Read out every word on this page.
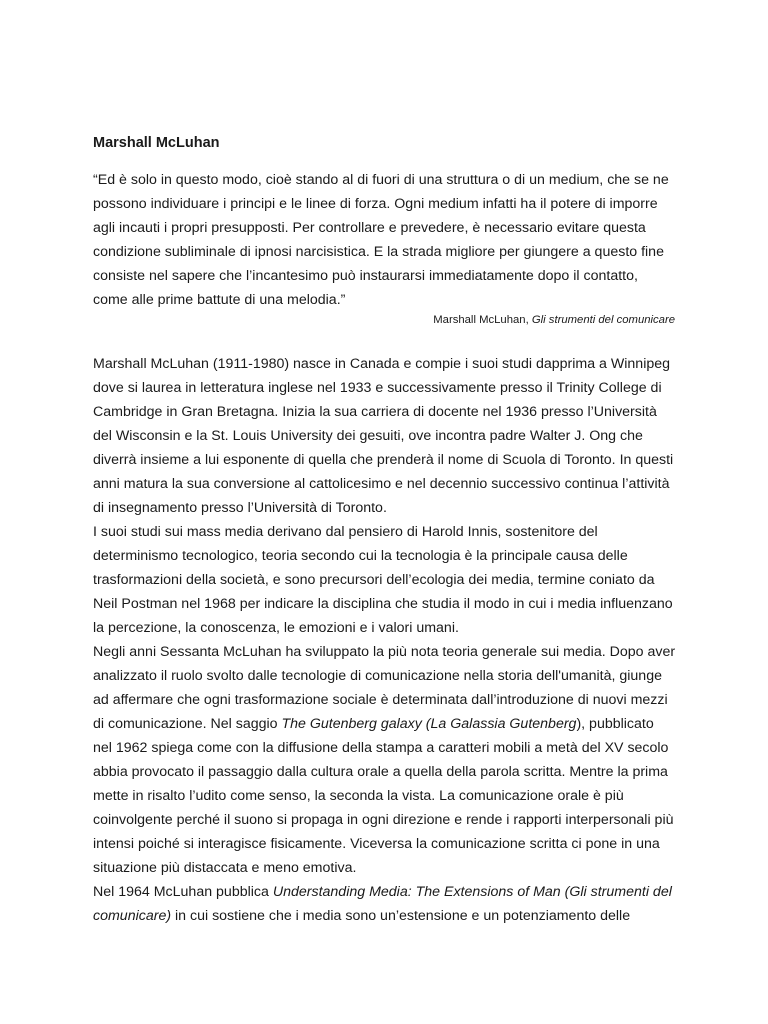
Marshall McLuhan
“Ed è solo in questo modo, cioè stando al di fuori di una struttura o di un medium, che se ne
possono individuare i principi e le linee di forza. Ogni medium infatti ha il potere di imporre
agli incauti i propri presupposti. Per controllare e prevedere, è necessario evitare questa
condizione subliminale di ipnosi narcisistica. E la strada migliore per giungere a questo fine
consiste nel sapere che l’incantesimo può instaurarsi immediatamente dopo il contatto,
come alle prime battute di una melodia.”
Marshall McLuhan, Gli strumenti del comunicare
Marshall McLuhan (1911-1980) nasce in Canada e compie i suoi studi dapprima a Winnipeg
dove si laurea in letteratura inglese nel 1933 e successivamente presso il Trinity College di
Cambridge in Gran Bretagna. Inizia la sua carriera di docente nel 1936 presso l’Università
del Wisconsin e la St. Louis University dei gesuiti, ove incontra padre Walter J. Ong che
diverrà insieme a lui esponente di quella che prenderà il nome di Scuola di Toronto. In questi
anni matura la sua conversione al cattolicesimo e nel decennio successivo continua l’attività
di insegnamento presso l’Università di Toronto.
I suoi studi sui mass media derivano dal pensiero di Harold Innis, sostenitore del
determinismo tecnologico, teoria secondo cui la tecnologia è la principale causa delle
trasformazioni della società, e sono precursori dell’ecologia dei media, termine coniato da
Neil Postman nel 1968 per indicare la disciplina che studia il modo in cui i media influenzano
la percezione, la conoscenza, le emozioni e i valori umani.
Negli anni Sessanta McLuhan ha sviluppato la più nota teoria generale sui media. Dopo aver
analizzato il ruolo svolto dalle tecnologie di comunicazione nella storia dell'umanità, giunge
ad affermare che ogni trasformazione sociale è determinata dall’introduzione di nuovi mezzi
di comunicazione. Nel saggio The Gutenberg galaxy (La Galassia Gutenberg), pubblicato
nel 1962 spiega come con la diffusione della stampa a caratteri mobili a metà del XV secolo
abbia provocato il passaggio dalla cultura orale a quella della parola scritta. Mentre la prima
mette in risalto l’udito come senso, la seconda la vista. La comunicazione orale è più
coinvolgente perché il suono si propaga in ogni direzione e rende i rapporti interpersonali più
intensi poiché si interagisce fisicamente. Viceversa la comunicazione scritta ci pone in una
situazione più distaccata e meno emotiva.
Nel 1964 McLuhan pubblica Understanding Media: The Extensions of Man (Gli strumenti del
comunicare) in cui sostiene che i media sono un’estensione e un potenziamento delle
